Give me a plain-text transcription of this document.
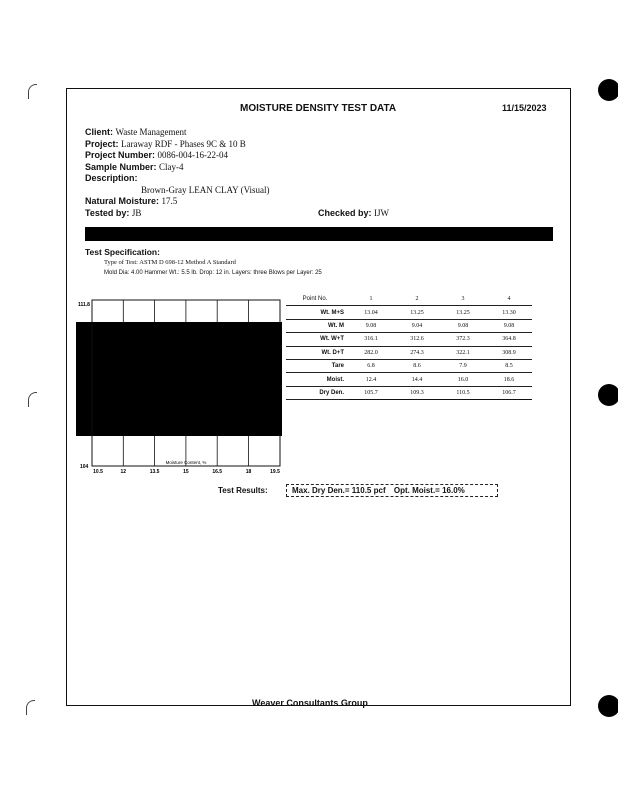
MOISTURE DENSITY TEST DATA	11/15/2023
Client: Waste Management
Project: Laraway RDF - Phases 9C & 10 B
Project Number: 0086-004-16-22-04
Sample Number: Clay-4
Description:
Brown-Gray LEAN CLAY (Visual)
Natural Moisture: 17.5
Tested by: JB	Checked by: IJW
Test Specification:
Type of Test: ASTM D 698-12 Method A Standard
Mold Dia: 4.00 Hammer Wt.: 5.5 lb. Drop: 12 in. Layers: three Blows per Layer: 25
111.8
104
10.5	12	13.5	15	16.5	18	19.5
Moisture Content, %
Point No.	1	2	3	4
Wt. M+S	13.04	13.25	13.25	13.30
Wt. M	9.08	9.04	9.08	9.08
Wt. W+T	316.1	312.6	372.3	364.8
Wt. D+T	282.0	274.3	322.1	308.9
Tare	6.8	8.6	7.9	8.5
Moist.	12.4	14.4	16.0	18.6
Dry Den.	105.7	109.3	110.5	106.7
Test Results:	Max. Dry Den.= 110.5 pcf Opt. Moist.= 16.0%
Weaver Consultants Group
